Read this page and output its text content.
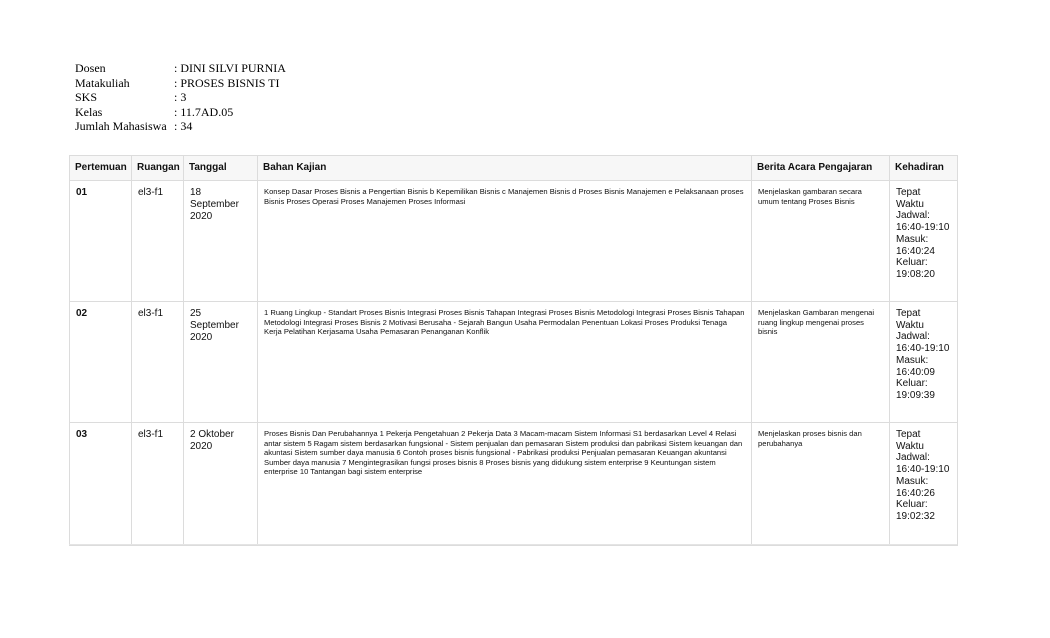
Dosen	: DINI SILVI PURNIA
Matakuliah	: PROSES BISNIS TI
SKS	: 3
Kelas	: 11.7AD.05
Jumlah Mahasiswa : 34
Pertemuan	Ruangan	Tanggal	Bahan Kajian	Berita Acara Pengajaran	Kehadiran
01	el3-f1	18 September 2020	Konsep Dasar Proses Bisnis a Pengertian Bisnis b Kepemilikan Bisnis c Manajemen Bisnis d Proses Bisnis Manajemen e Pelaksanaan proses Bisnis Proses Operasi Proses Manajemen Proses Informasi	Menjelaskan gambaran secara umum tentang Proses Bisnis	Tepat Waktu Jadwal: 16:40-19:10 Masuk: 16:40:24 Keluar: 19:08:20
02	el3-f1	25 September 2020	1 Ruang Lingkup - Standart Proses Bisnis Integrasi Proses Bisnis Tahapan Integrasi Proses Bisnis Metodologi Integrasi Proses Bisnis Tahapan Metodologi Integrasi Proses Bisnis 2 Motivasi Berusaha - Sejarah Bangun Usaha Permodalan Penentuan Lokasi Proses Produksi Tenaga Kerja Pelatihan Kerjasama Usaha Pemasaran Penanganan Konflik	Menjelaskan Gambaran mengenai ruang lingkup mengenai proses bisnis	Tepat Waktu Jadwal: 16:40-19:10 Masuk: 16:40:09 Keluar: 19:09:39
03	el3-f1	2 Oktober 2020	Proses Bisnis Dan Perubahannya 1 Pekerja Pengetahuan 2 Pekerja Data 3 Macam-macam Sistem Informasi S1 berdasarkan Level 4 Relasi antar sistem 5 Ragam sistem berdasarkan fungsional - Sistem penjualan dan pemasaran Sistem produksi dan pabrikasi Sistem keuangan dan akuntasi Sistem sumber daya manusia 6 Contoh proses bisnis fungsional - Pabrikasi produksi Penjualan pemasaran Keuangan akuntansi Sumber daya manusia 7 Mengintegrasikan fungsi proses bisnis 8 Proses bisnis yang didukung sistem enterprise 9 Keuntungan sistem enterprise 10 Tantangan bagi sistem enterprise	Menjelaskan proses bisnis dan perubahanya	Tepat Waktu Jadwal: 16:40-19:10 Masuk: 16:40:26 Keluar: 19:02:32
